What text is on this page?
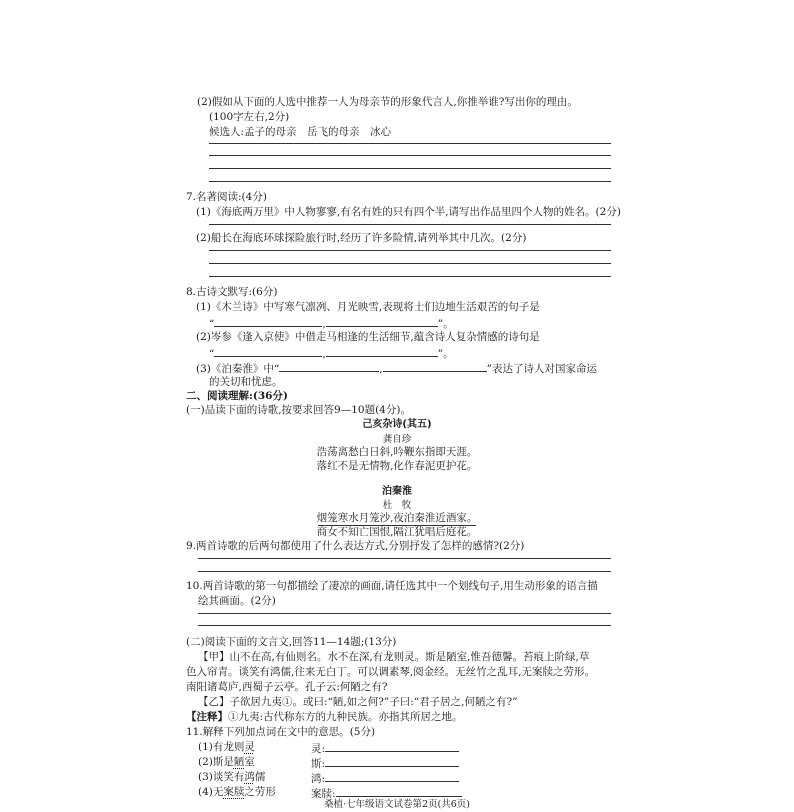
(2)假如从下面的人选中推荐一人为母亲节的形象代言人,你推举谁?写出你的理由。
(100字左右,2分)
候选人:孟子的母亲　岳飞的母亲　冰心
7.名著阅读:(4分)
(1)《海底两万里》中人物寥寥,有名有姓的只有四个半,请写出作品里四个人物的姓名。(2分)
(2)船长在海底环球探险旅行时,经历了许多险情,请列举其中几次。(2分)
8.古诗文默写:(6分)
(1)《木兰诗》中写寒气凛冽、月光映雪,表现将士们边地生活艰苦的句子是
“	,	”。
(2)岑参《逢入京使》中借走马相逢的生活细节,蕴含诗人复杂情感的诗句是
“	,	”。
(3)《泊秦淮》中“	,	”表达了诗人对国家命运
的关切和忧虑。
二、阅读理解:(36分)
(一)品读下面的诗歌,按要求回答9—10题(4分)。
己亥杂诗(其五)
龚自珍
浩荡离愁白日斜,吟鞭东指即天涯。
落红不是无情物,化作春泥更护花。
泊秦淮
杜　牧
烟笼寒水月笼沙,夜泊秦淮近酒家。
商女不知亡国恨,隔江犹唱后庭花。
9.两首诗歌的后两句都使用了什么表达方式,分别抒发了怎样的感情?(2分)
10.两首诗歌的第一句都描绘了凄凉的画面,请任选其中一个划线句子,用生动形象的语言描
绘其画面。(2分)
(二)阅读下面的文言文,回答11—14题;(13分)
【甲】山不在高,有仙则名。水不在深,有龙则灵。斯是陋室,惟吾德馨。苔痕上阶绿,草
色入帘青。谈笑有鸿儒,往来无白丁。可以调素琴,阅金经。无丝竹之乱耳,无案牍之劳形。
南阳诸葛庐,西蜀子云亭。孔子云:何陋之有?
【乙】子欲居九夷①。或曰:“陋,如之何?”子曰:“君子居之,何陋之有?”
【注释】①九夷:古代称东方的九种民族。亦指其所居之地。
11.解释下列加点词在文中的意思。(5分)
(1)有龙则灵	灵:
(2)斯是陋室	斯:
(3)谈笑有鸿儒	鸿:
(4)无案牍之劳形	案牍:
桑植·七年级语文试卷第2页(共6页)
